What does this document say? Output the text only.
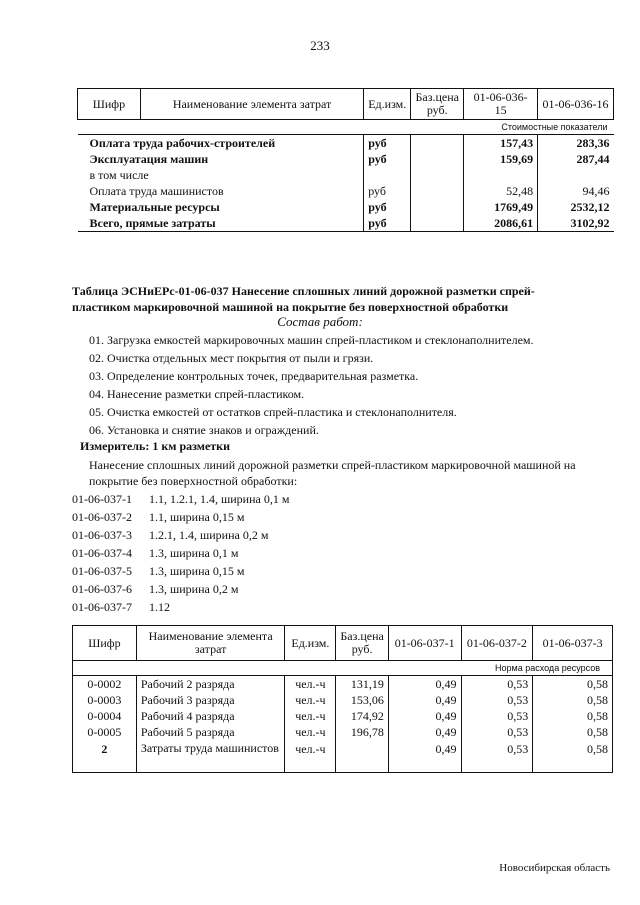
233
Шифр	Наименование элемента затрат	Ед.изм.	Баз.цена руб.	01-06-036-15	01-06-036-16
Стоимостные показатели					
Оплата труда рабочих-строителей		руб		157,43	283,36
Эксплуатация машин		руб		159,69	287,44
в том числе					
Оплата труда машинистов		руб		52,48	94,46
Материальные ресурсы		руб		1769,49	2532,12
Всего, прямые затраты		руб		2086,61	3102,92
Таблица ЭСНиЕРс-01-06-037 Нанесение сплошных линий дорожной разметки спрей-
пластиком маркировочной машиной на покрытие без поверхностной обработки
Состав работ:
01. Загрузка емкостей маркировочных машин спрей-пластиком и стеклонаполнителем.
02. Очистка отдельных мест покрытия от пыли и грязи.
03. Определение контрольных точек, предварительная разметка.
04. Нанесение разметки спрей-пластиком.
05. Очистка емкостей от остатков спрей-пластика и стеклонаполнителя.
06. Установка и снятие знаков и ограждений.
Измеритель: 1 км разметки
Нанесение сплошных линий дорожной разметки спрей-пластиком маркировочной машиной на
покрытие без поверхностной обработки:
01-06-037-1 1.1, 1.2.1, 1.4, ширина 0,1 м
01-06-037-2 1.1, ширина 0,15 м
01-06-037-3 1.2.1, 1.4, ширина 0,2 м
01-06-037-4 1.3, ширина 0,1 м
01-06-037-5 1.3, ширина 0,15 м
01-06-037-6 1.3, ширина 0,2 м
01-06-037-7 1.12
Шифр	Наименование элемента затрат	Ед.изм.	Баз.цена руб.	01-06-037-1	01-06-037-2	01-06-037-3
Норма расхода ресурсов						
0-0002	Рабочий 2 разряда	чел.-ч	131,19	0,49	0,53	0,58
0-0003	Рабочий 3 разряда	чел.-ч	153,06	0,49	0,53	0,58
0-0004	Рабочий 4 разряда	чел.-ч	174,92	0,49	0,53	0,58
0-0005	Рабочий 5 разряда	чел.-ч	196,78	0,49	0,53	0,58
2	Затраты труда машинистов	чел.-ч		0,49	0,53	0,58
Новосибирская область
